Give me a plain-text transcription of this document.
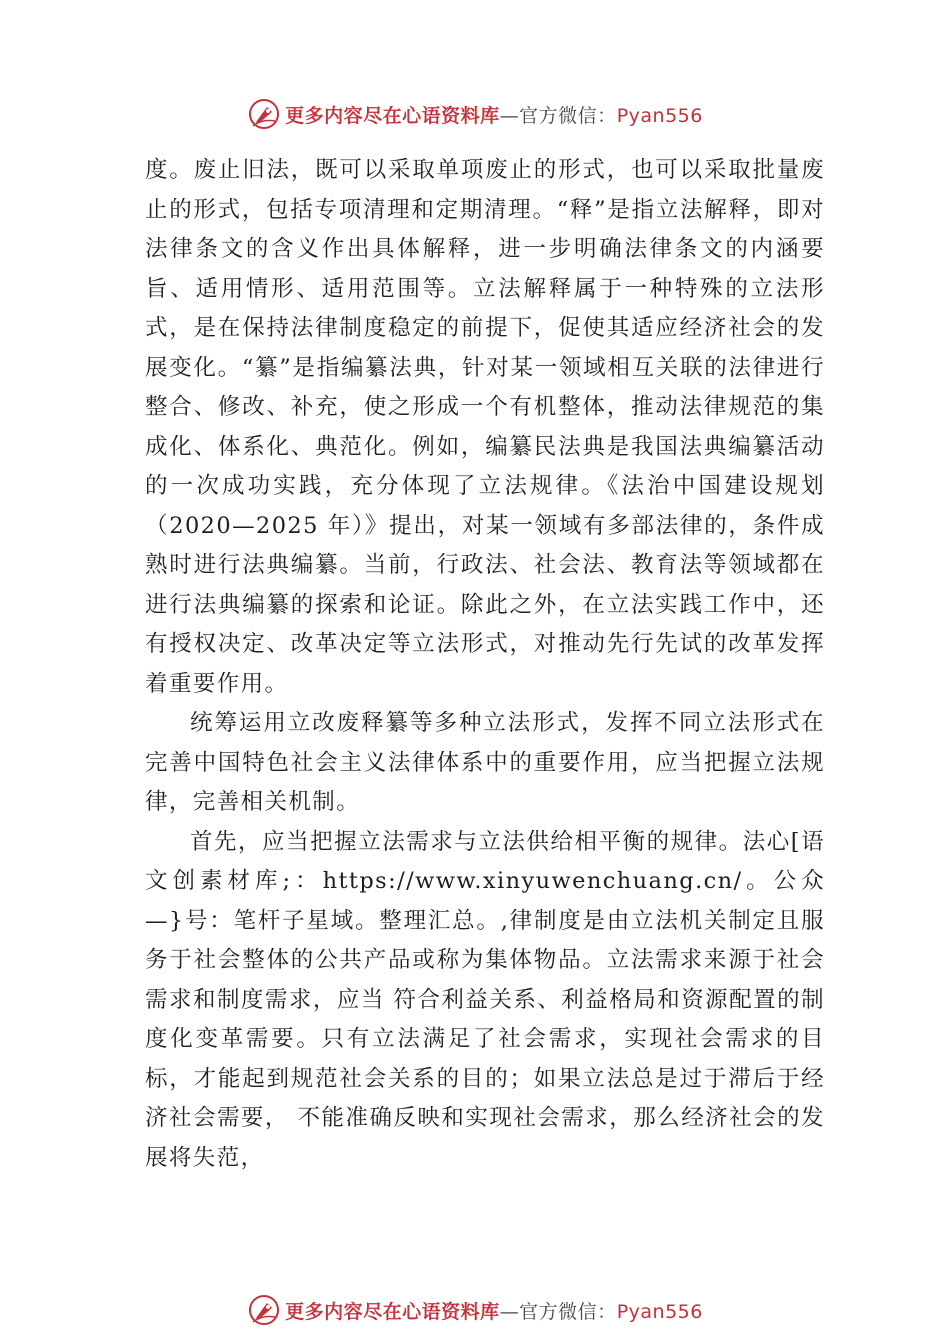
更多内容尽在心语资料库—官方微信：Pyan556

度。废止旧法，既可以采取单项废止的形式，也可以采取批量废止的形式，包括专项清理和定期清理。“释”是指立法解释，即对法律条文的含义作出具体解释，进一步明确法律条文的内涵要旨、适用情形、适用范围等。立法解释属于一种特殊的立法形式，是在保持法律制度稳定的前提下，促使其适应经济社会的发展变化。“纂”是指编纂法典，针对某一领域相互关联的法律进行整合、修改、补充，使之形成一个有机整体，推动法律规范的集成化、体系化、典范化。例如，编纂民法典是我国法典编纂活动的一次成功实践，充分体现了立法规律。《法治中国建设规划（2020—2025 年）》提出，对某一领域有多部法律的，条件成熟时进行法典编纂。当前，行政法、社会法、教育法等领域都在进行法典编纂的探索和论证。除此之外，在立法实践工作中，还有授权决定、改革决定等立法形式，对推动先行先试的改革发挥着重要作用。

统筹运用立改废释纂等多种立法形式，发挥不同立法形式在完善中国特色社会主义法律体系中的重要作用，应当把握立法规律，完善相关机制。

首先，应当把握立法需求与立法供给相平衡的规律。法心[语文创素材库;：https://www.xinyuwenchuang.cn/。公众—}号：笔杆子星域。整理汇总。,律制度是由立法机关制定且服务于社会整体的公共产品或称为集体物品。立法需求来源于社会需求和制度需求，应当 符合利益关系、利益格局和资源配置的制度化变革需要。只有立法满足了社会需求，实现社会需求的目标，才能起到规范社会关系的目的；如果立法总是过于滞后于经济社会需要， 不能准确反映和实现社会需求，那么经济社会的发展将失范，

更多内容尽在心语资料库—官方微信：Pyan556
